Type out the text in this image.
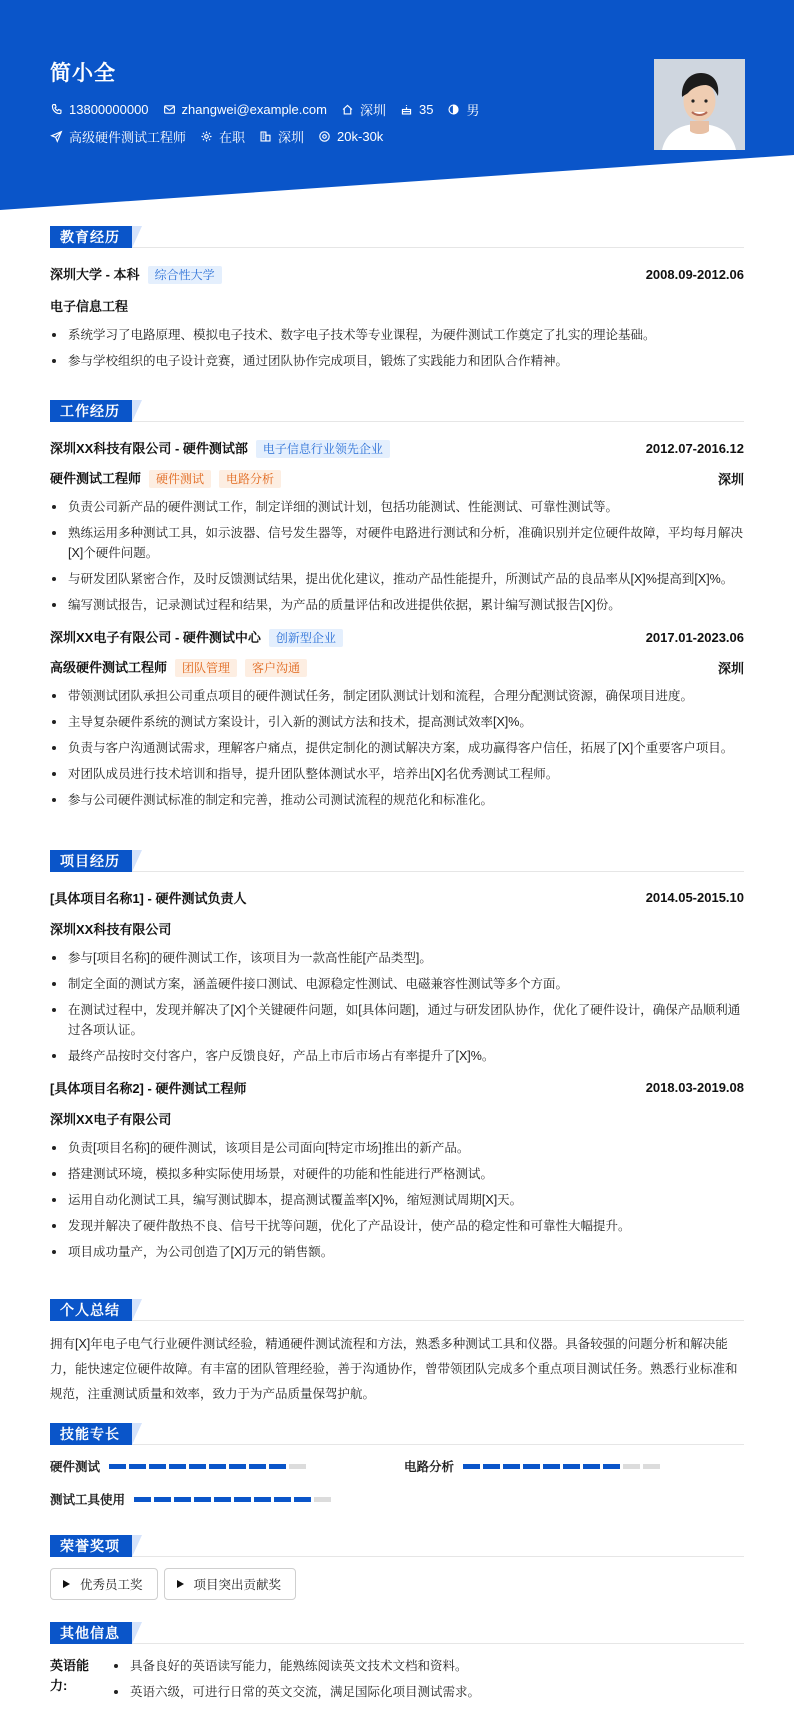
简小全
13800000000	zhangwei@example.com	深圳	35	男
高级硬件测试工程师	在职	深圳	20k-30k
教育经历
深圳大学 - 本科 综合性大学	2008.09-2012.06
电子信息工程
系统学习了电路原理、模拟电子技术、数字电子技术等专业课程，为硬件测试工作奠定了扎实的理论基础。
参与学校组织的电子设计竞赛，通过团队协作完成项目，锻炼了实践能力和团队合作精神。
工作经历
深圳XX科技有限公司 - 硬件测试部 电子信息行业领先企业	2012.07-2016.12
硬件测试工程师 硬件测试 电路分析	深圳
负责公司新产品的硬件测试工作，制定详细的测试计划，包括功能测试、性能测试、可靠性测试等。
熟练运用多种测试工具，如示波器、信号发生器等，对硬件电路进行测试和分析，准确识别并定位硬件故障，平均每月解决[X]个硬件问题。
与研发团队紧密合作，及时反馈测试结果，提出优化建议，推动产品性能提升，所测试产品的良品率从[X]%提高到[X]%。
编写测试报告，记录测试过程和结果，为产品的质量评估和改进提供依据，累计编写测试报告[X]份。
深圳XX电子有限公司 - 硬件测试中心 创新型企业	2017.01-2023.06
高级硬件测试工程师 团队管理 客户沟通	深圳
带领测试团队承担公司重点项目的硬件测试任务，制定团队测试计划和流程，合理分配测试资源，确保项目进度。
主导复杂硬件系统的测试方案设计，引入新的测试方法和技术，提高测试效率[X]%。
负责与客户沟通测试需求，理解客户痛点，提供定制化的测试解决方案，成功赢得客户信任，拓展了[X]个重要客户项目。
对团队成员进行技术培训和指导，提升团队整体测试水平，培养出[X]名优秀测试工程师。
参与公司硬件测试标准的制定和完善，推动公司测试流程的规范化和标准化。
项目经历
[具体项目名称1] - 硬件测试负责人	2014.05-2015.10
深圳XX科技有限公司
参与[项目名称]的硬件测试工作，该项目为一款高性能[产品类型]。
制定全面的测试方案，涵盖硬件接口测试、电源稳定性测试、电磁兼容性测试等多个方面。
在测试过程中，发现并解决了[X]个关键硬件问题，如[具体问题]，通过与研发团队协作，优化了硬件设计，确保产品顺利通过各项认证。
最终产品按时交付客户，客户反馈良好，产品上市后市场占有率提升了[X]%。
[具体项目名称2] - 硬件测试工程师	2018.03-2019.08
深圳XX电子有限公司
负责[项目名称]的硬件测试，该项目是公司面向[特定市场]推出的新产品。
搭建测试环境，模拟多种实际使用场景，对硬件的功能和性能进行严格测试。
运用自动化测试工具，编写测试脚本，提高测试覆盖率[X]%，缩短测试周期[X]天。
发现并解决了硬件散热不良、信号干扰等问题，优化了产品设计，使产品的稳定性和可靠性大幅提升。
项目成功量产，为公司创造了[X]万元的销售额。
个人总结
拥有[X]年电子电气行业硬件测试经验，精通硬件测试流程和方法，熟悉多种测试工具和仪器。具备较强的问题分析和解决能力，能快速定位硬件故障。有丰富的团队管理经验，善于沟通协作，曾带领团队完成多个重点项目测试任务。熟悉行业标准和规范，注重测试质量和效率，致力于为产品质量保驾护航。
技能专长
硬件测试	电路分析
测试工具使用
荣誉奖项
优秀员工奖	项目突出贡献奖
其他信息
英语能力:
具备良好的英语读写能力，能熟练阅读英文技术文档和资料。
英语六级，可进行日常的英文交流，满足国际化项目测试需求。
